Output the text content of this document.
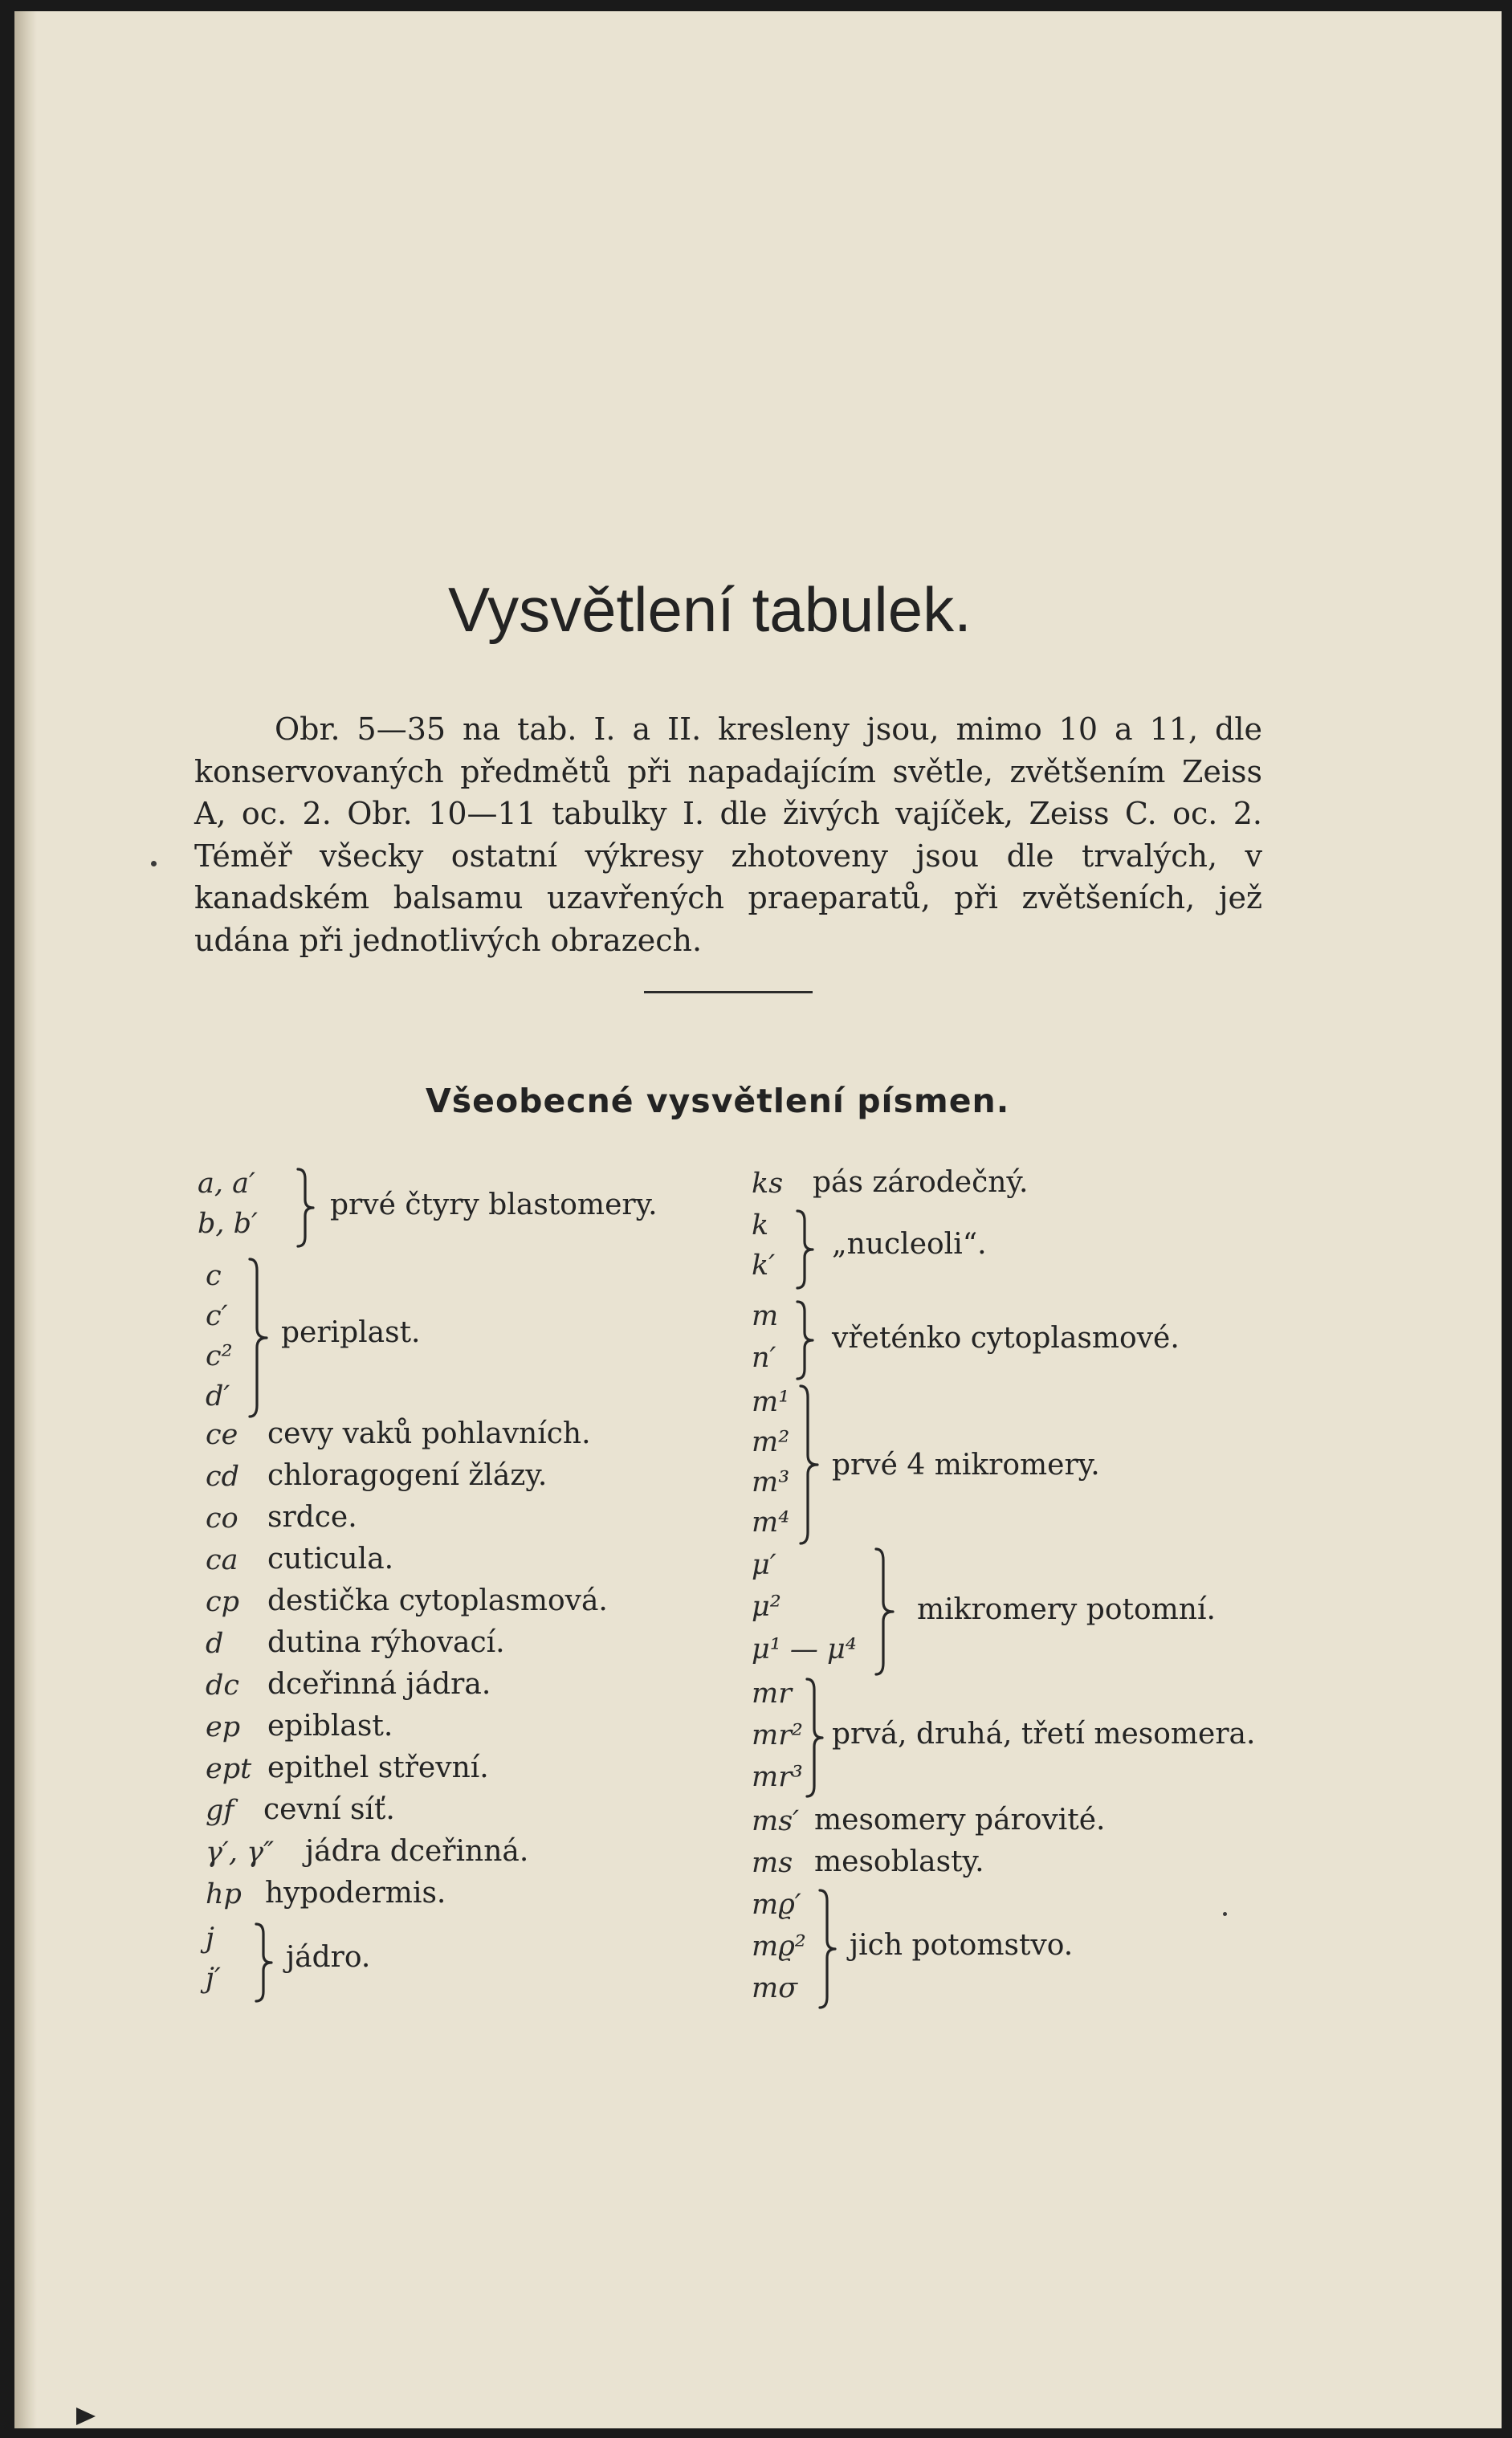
Vysvětlení tabulek.

Obr. 5—35 na tab. I. a II. kresleny jsou, mimo 10 a 11, dle konservovaných předmětů při napadajícím světle, zvětšením Zeiss A, oc. 2. Obr. 10—11 tabulky I. dle živých vajíček, Zeiss C. oc. 2. Téměř všecky ostatní výkresy zhotoveny jsou dle trvalých, v kanadském balsamu uzavřených praeparatů, při zvětšeních, jež udána při jednotlivých obrazech.

Všeobecné vysvětlení písmen.
a, a′
b, b′
prvé čtyry blastomery.
c
c′
c²
d′
periplast.
ce cevy vaků pohlavních.
cd chloragogení žlázy.
co srdce.
ca cuticula.
cp destička cytoplasmová.
d dutina rýhovací.
dc dceřinná jádra.
ep epiblast.
ept epithel střevní.
gf cevní síť.
γ′, γ″ jádra dceřinná.
hp hypodermis.
j
j′
jádro.
ks pás zárodečný.
k
k′
„nucleoli“.
m
n′
vřeténko cytoplasmové.
m¹
m²
m³
m⁴
prvé 4 mikromery.
μ′
μ²
μ¹ — μ⁴
mikromery potomní.
mr
mr²
mr³
prvá, druhá, třetí mesomera.
ms′ mesomery párovité.
ms mesoblasty.
mϱ′
mϱ²
mσ
jich potomstvo.
